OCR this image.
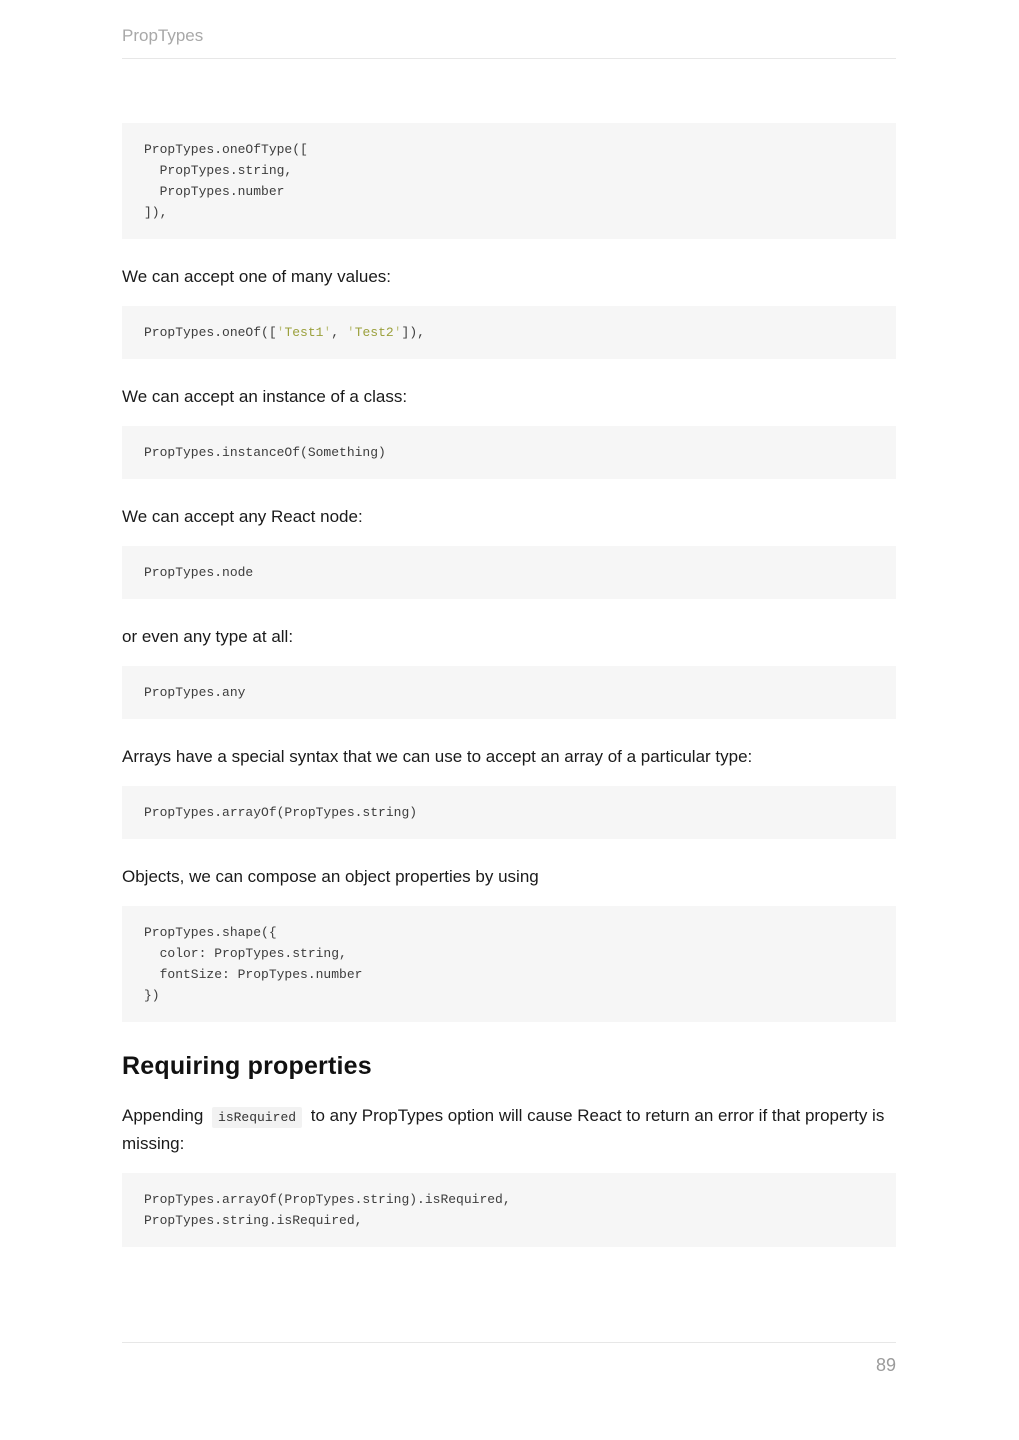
PropTypes
PropTypes.oneOfType([
PropTypes.string,
PropTypes.number
]),

We can accept one of many values:

PropTypes.oneOf(['Test1', 'Test2']),

We can accept an instance of a class:

PropTypes.instanceOf(Something)

We can accept any React node:

PropTypes.node

or even any type at all:

PropTypes.any

Arrays have a special syntax that we can use to accept an array of a particular type:

PropTypes.arrayOf(PropTypes.string)

Objects, we can compose an object properties by using

PropTypes.shape({
color: PropTypes.string,
fontSize: PropTypes.number
})
Requiring properties

Appending isRequired to any PropTypes option will cause React to return an error if that property is missing:

PropTypes.arrayOf(PropTypes.string).isRequired,
PropTypes.string.isRequired,
89
